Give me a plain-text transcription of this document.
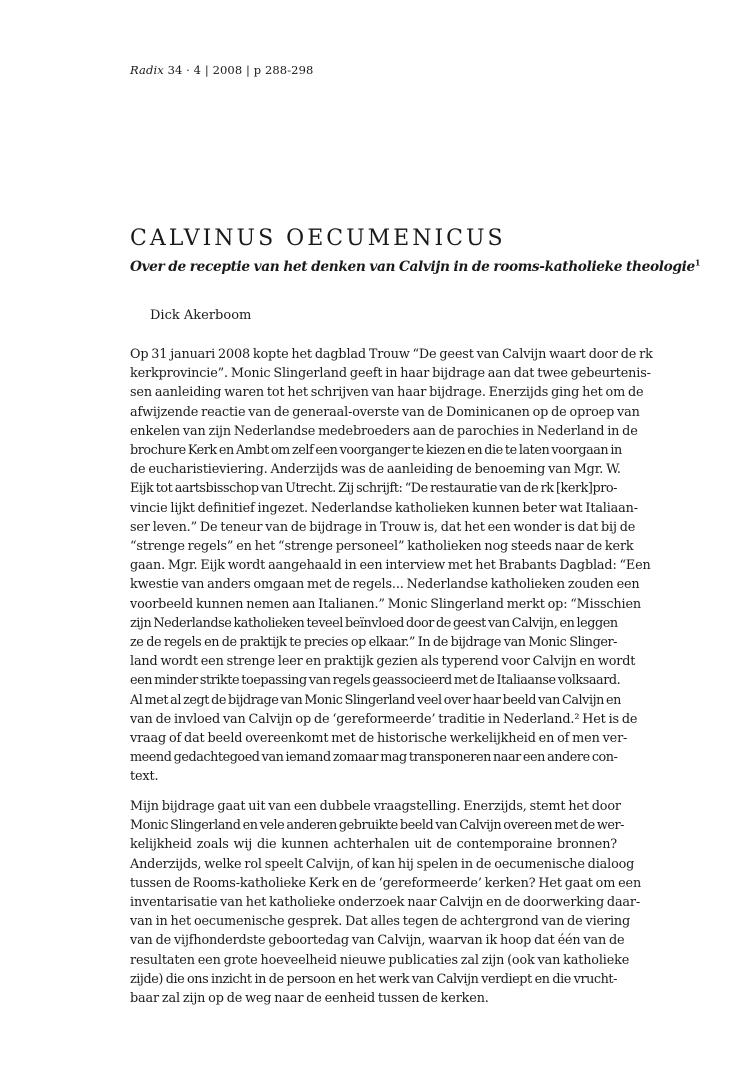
Radix 34 · 4 | 2008 | p 288-298
CALVINUS OECUMENICUS
Over de receptie van het denken van Calvijn in de rooms-katholieke theologie$^1$
Dick Akerboom

Op 31 januari 2008 kopte het dagblad Trouw “De geest van Calvijn waart door de rk
kerkprovincie”. Monic Slingerland geeft in haar bijdrage aan dat twee gebeurtenis-
sen aanleiding waren tot het schrijven van haar bijdrage. Enerzijds ging het om de
afwijzende reactie van de generaal-overste van de Dominicanen op de oproep van
enkelen van zijn Nederlandse medebroeders aan de parochies in Nederland in de
brochure Kerk en Ambt om zelf een voorganger te kiezen en die te laten voorgaan in
de eucharistieviering. Anderzijds was de aanleiding de benoeming van Mgr. W.
Eijk tot aartsbisschop van Utrecht. Zij schrijft: “De restauratie van de rk [kerk]pro-
vincie lijkt definitief ingezet. Nederlandse katholieken kunnen beter wat Italiaan-
ser leven.” De teneur van de bijdrage in Trouw is, dat het een wonder is dat bij de
“strenge regels” en het “strenge personeel” katholieken nog steeds naar de kerk
gaan. Mgr. Eijk wordt aangehaald in een interview met het Brabants Dagblad: “Een
kwestie van anders omgaan met de regels... Nederlandse katholieken zouden een
voorbeeld kunnen nemen aan Italianen.” Monic Slingerland merkt op: “Misschien
zijn Nederlandse katholieken teveel beïnvloed door de geest van Calvijn, en leggen
ze de regels en de praktijk te precies op elkaar.” In de bijdrage van Monic Slinger-
land wordt een strenge leer en praktijk gezien als typerend voor Calvijn en wordt
een minder strikte toepassing van regels geassocieerd met de Italiaanse volksaard.
Al met al zegt de bijdrage van Monic Slingerland veel over haar beeld van Calvijn en
van de invloed van Calvijn op de ‘gereformeerde’ traditie in Nederland.² Het is de
vraag of dat beeld overeenkomt met de historische werkelijkheid en of men ver-
meend gedachtegoed van iemand zomaar mag transponeren naar een andere con-
text.

Mijn bijdrage gaat uit van een dubbele vraagstelling. Enerzijds, stemt het door
Monic Slingerland en vele anderen gebruikte beeld van Calvijn overeen met de wer-
kelijkheid zoals wij die kunnen achterhalen uit de contemporaine bronnen?
Anderzijds, welke rol speelt Calvijn, of kan hij spelen in de oecumenische dialoog
tussen de Rooms-katholieke Kerk en de ‘gereformeerde’ kerken? Het gaat om een
inventarisatie van het katholieke onderzoek naar Calvijn en de doorwerking daar-
van in het oecumenische gesprek. Dat alles tegen de achtergrond van de viering
van de vijfhonderdste geboortedag van Calvijn, waarvan ik hoop dat één van de
resultaten een grote hoeveelheid nieuwe publicaties zal zijn (ook van katholieke
zijde) die ons inzicht in de persoon en het werk van Calvijn verdiept en die vrucht-
baar zal zijn op de weg naar de eenheid tussen de kerken.
